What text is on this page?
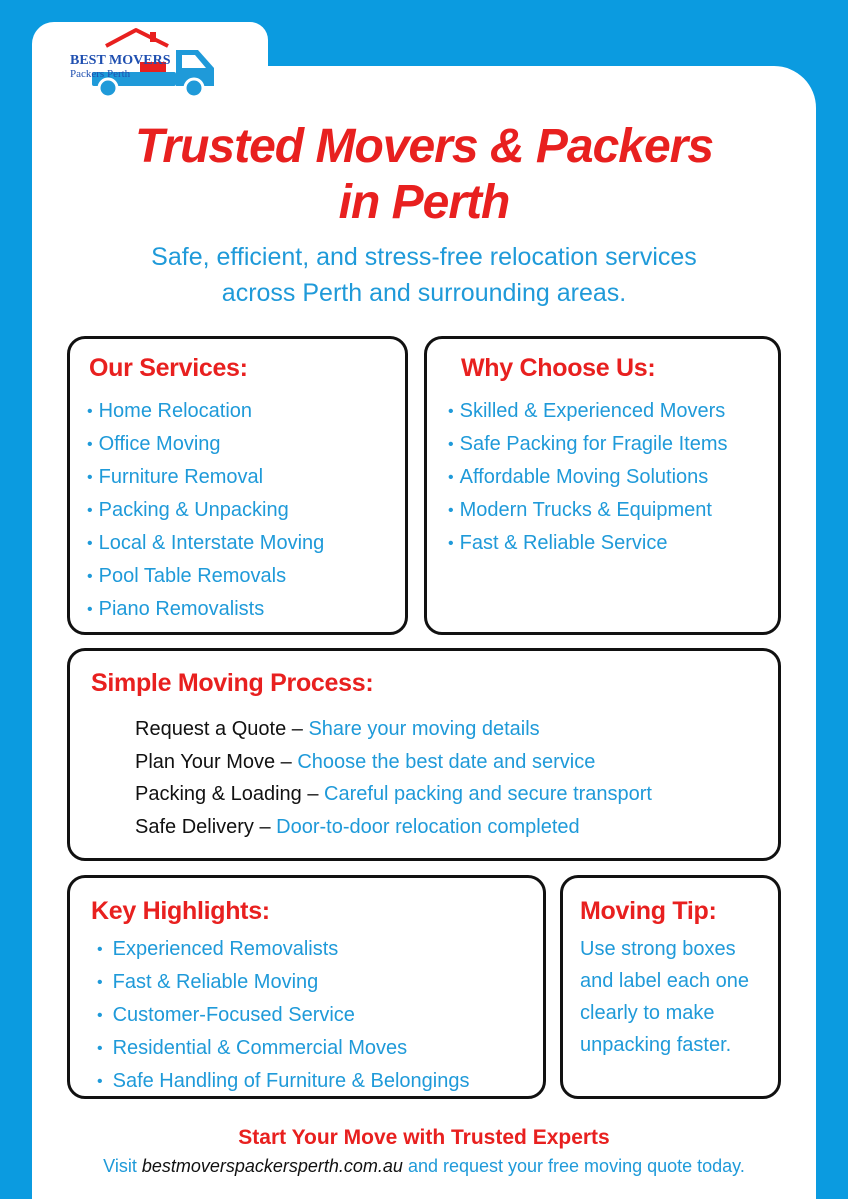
BEST MOVERS
Packers Perth
Trusted Movers & Packers
in Perth

Safe, efficient, and stress-free relocation services

across Perth and surrounding areas.

Our Services:
• Home Relocation
• Office Moving
• Furniture Removal
• Packing & Unpacking
• Local & Interstate Moving
• Pool Table Removals
• Piano Removalists
Why Choose Us:
• Skilled & Experienced Movers
• Safe Packing for Fragile Items
• Affordable Moving Solutions
• Modern Trucks & Equipment
• Fast & Reliable Service
Simple Moving Process:
Request a Quote – Share your moving details
Plan Your Move – Choose the best date and service
Packing & Loading – Careful packing and secure transport
Safe Delivery – Door-to-door relocation completed
Key Highlights:
• Experienced Removalists
• Fast & Reliable Moving
• Customer-Focused Service
• Residential & Commercial Moves
• Safe Handling of Furniture & Belongings
Moving Tip:
Use strong boxes
and label each one
clearly to make
unpacking faster.

Start Your Move with Trusted Experts

Visit bestmoverspackersperth.com.au and request your free moving quote today.
